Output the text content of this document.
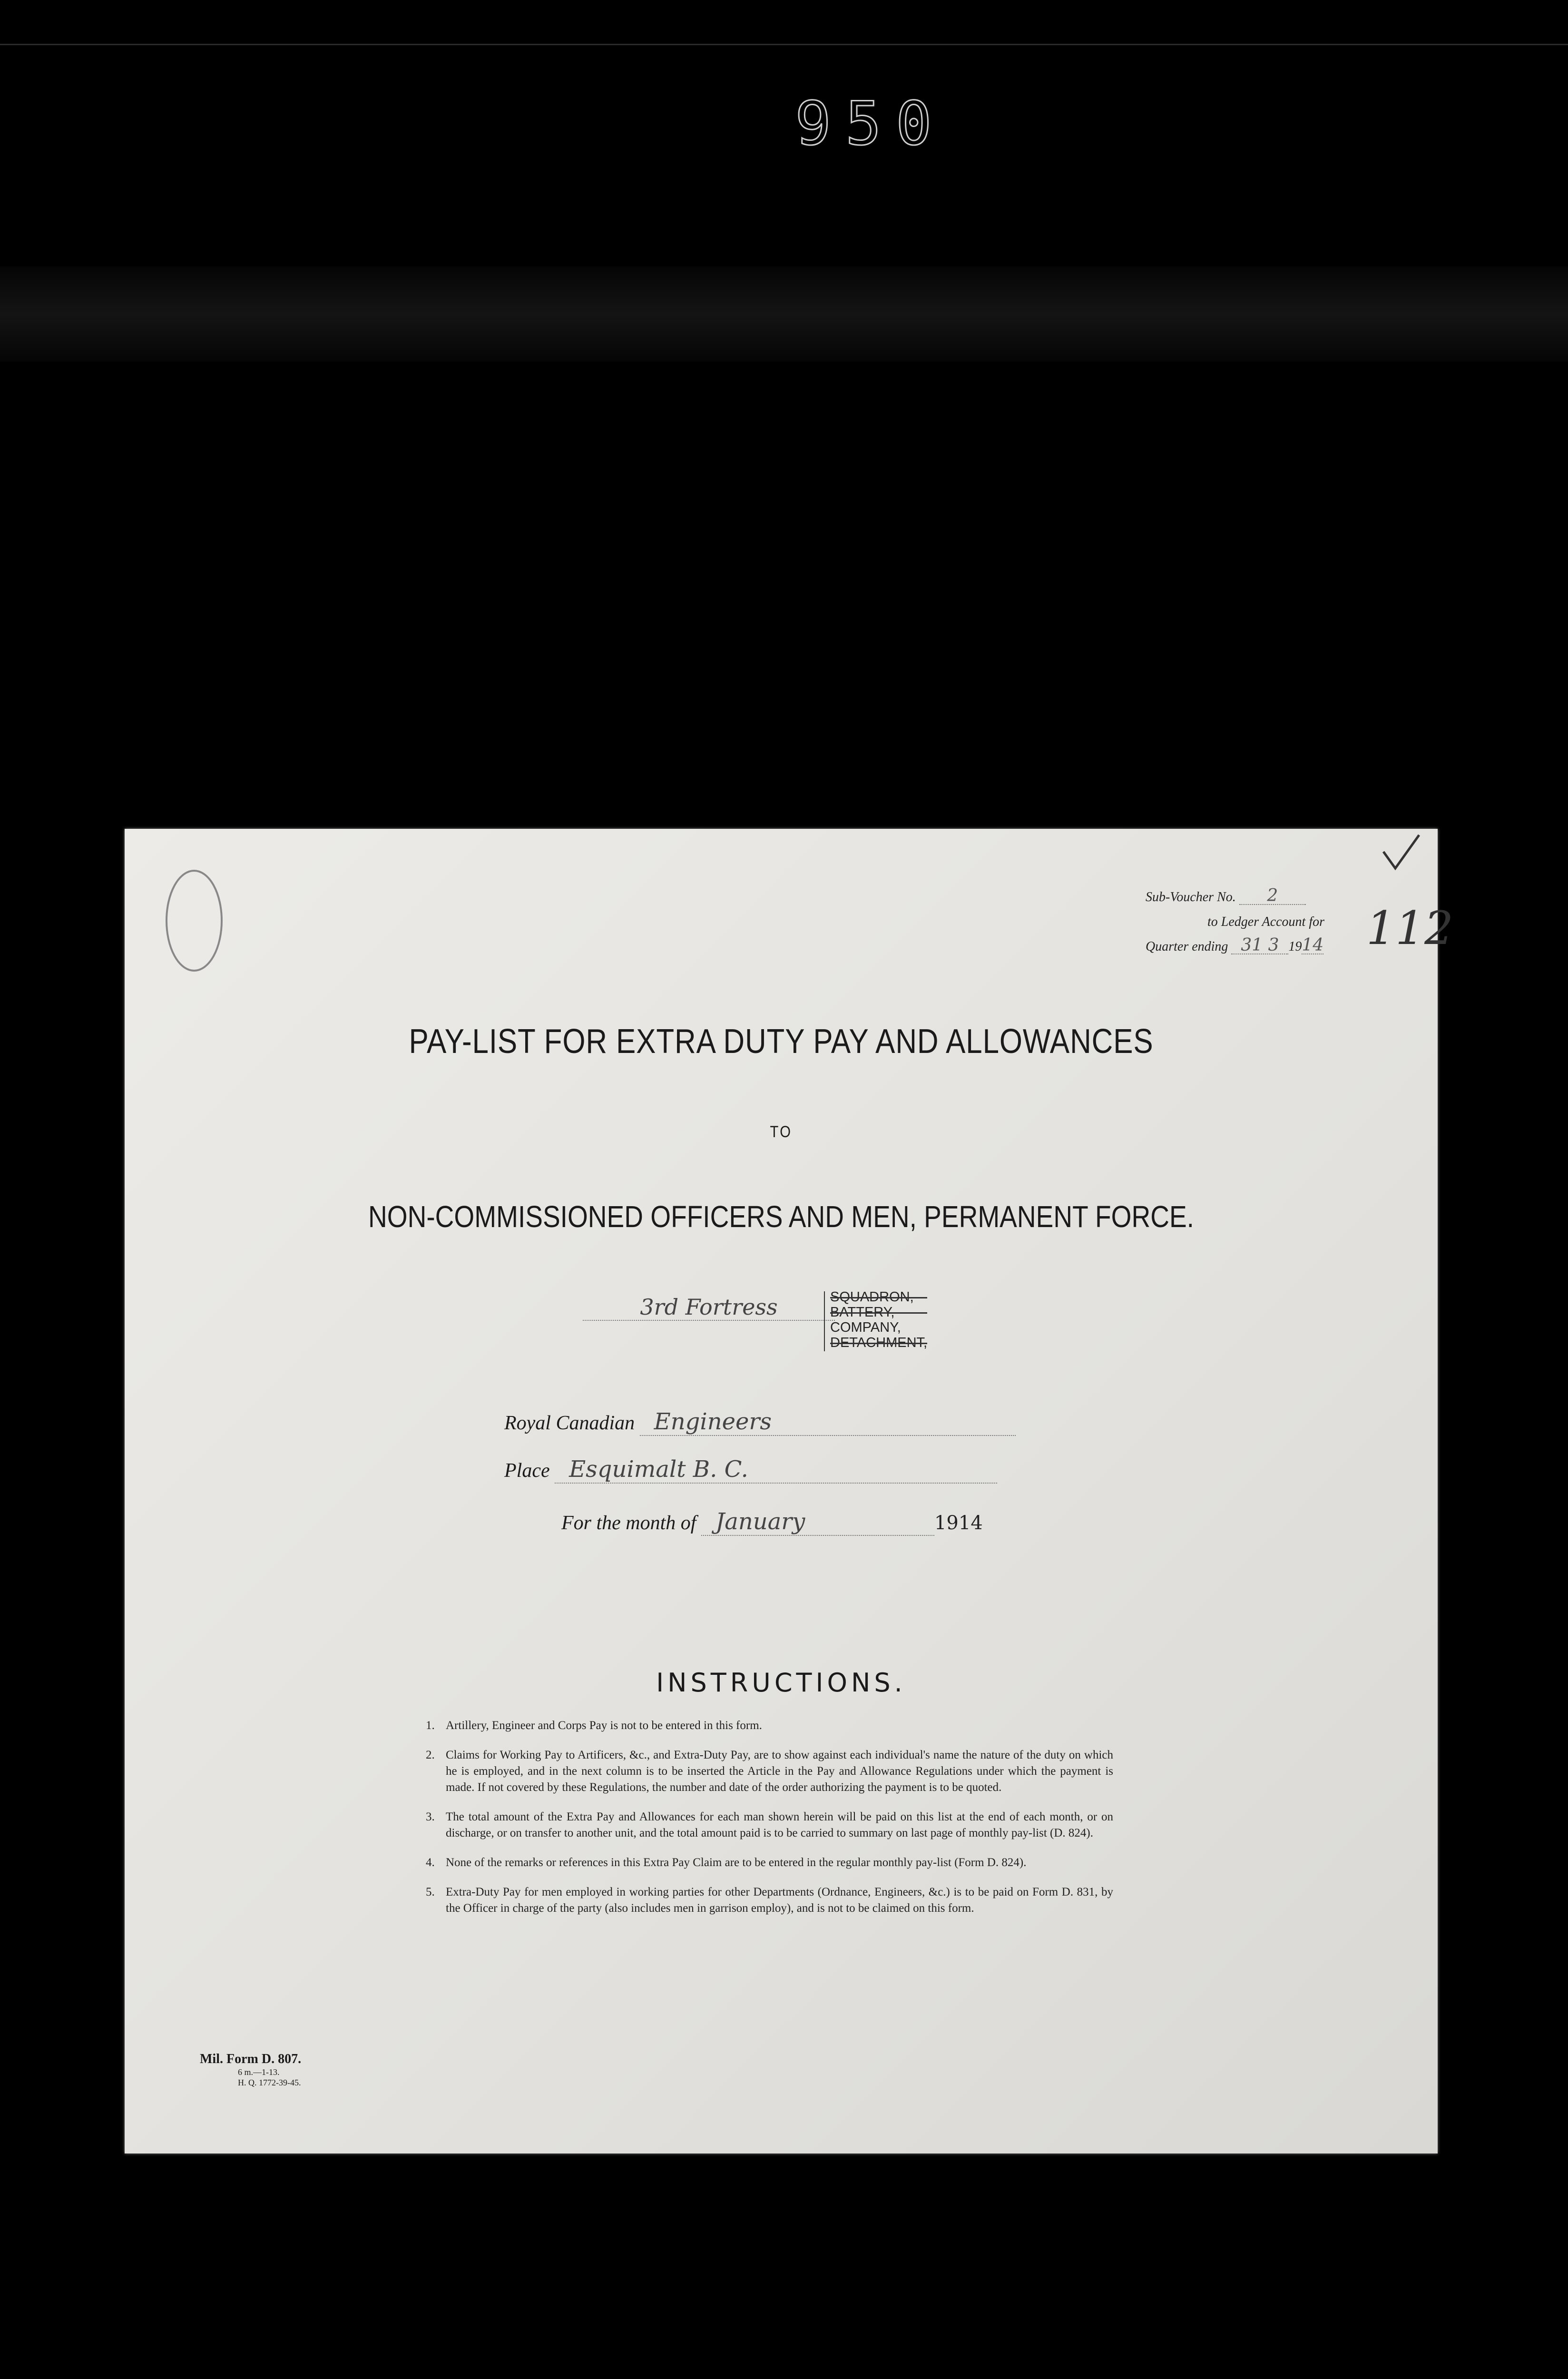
950
112
Sub-Voucher No. 2
to Ledger Account for
Quarter ending 31 3 1914
PAY-LIST FOR EXTRA DUTY PAY AND ALLOWANCES
TO
NON-COMMISSIONED OFFICERS AND MEN, PERMANENT FORCE.
3rd Fortress	SQUADRON,
BATTERY,
COMPANY,
DETACHMENT,
Royal Canadian Engineers
Place Esquimalt B. C.
For the month of January	1914
INSTRUCTIONS.
1. Artillery, Engineer and Corps Pay is not to be entered in this form.
2. Claims for Working Pay to Artificers, &c., and Extra-Duty Pay, are to show against each individual's name the nature of the duty on which he is employed, and in the next column is to be inserted the Article in the Pay and Allowance Regulations under which the payment is made. If not covered by these Regulations, the number and date of the order authorizing the payment is to be quoted.
3. The total amount of the Extra Pay and Allowances for each man shown herein will be paid on this list at the end of each month, or on discharge, or on transfer to another unit, and the total amount paid is to be carried to summary on last page of monthly pay-list (D. 824).
4. None of the remarks or references in this Extra Pay Claim are to be entered in the regular monthly pay-list (Form D. 824).
5. Extra-Duty Pay for men employed in working parties for other Departments (Ordnance, Engineers, &c.) is to be paid on Form D. 831, by the Officer in charge of the party (also includes men in garrison employ), and is not to be claimed on this form.
Mil. Form D. 807.
6 m.—1-13.
H. Q. 1772-39-45.
